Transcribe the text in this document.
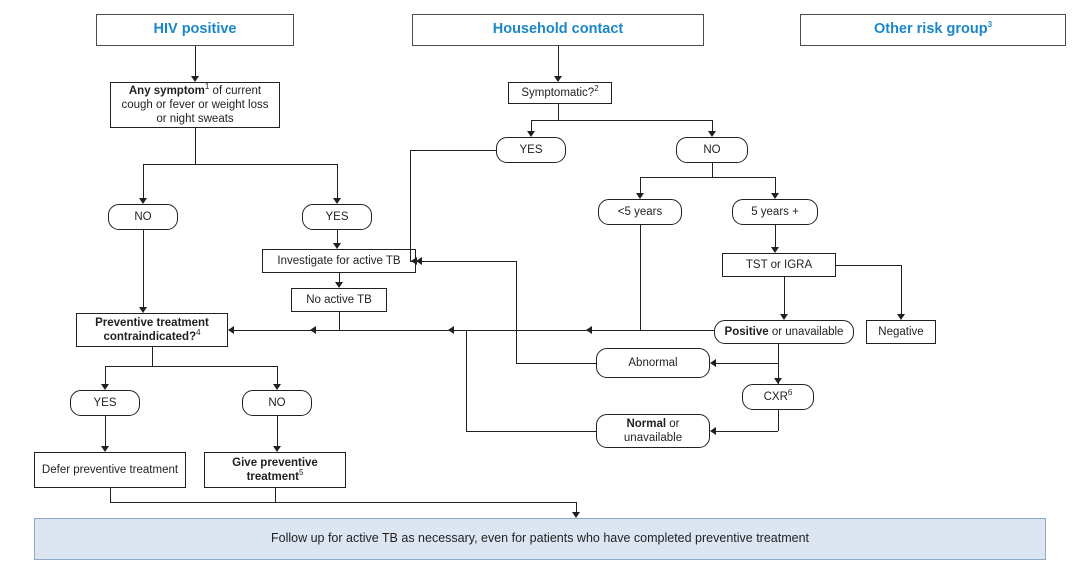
HIV positive	Household contact	Other risk group$^3$
Any symptom$^1$ of current cough or fever or weight loss or night sweats
Symptomatic?$^2$
NO	YES
YES	NO
<5 years	5 years +
Investigate for active TB	TST or IGRA
No active TB
Positive or unavailable	Negative
Preventive treatment contraindicated?$^4$
Abnormal
CXR$^6$
YES	NO
Normal or unavailable
Defer preventive treatment
Give preventive treatment$^5$
Follow up for active TB as necessary, even for patients who have completed preventive treatment
